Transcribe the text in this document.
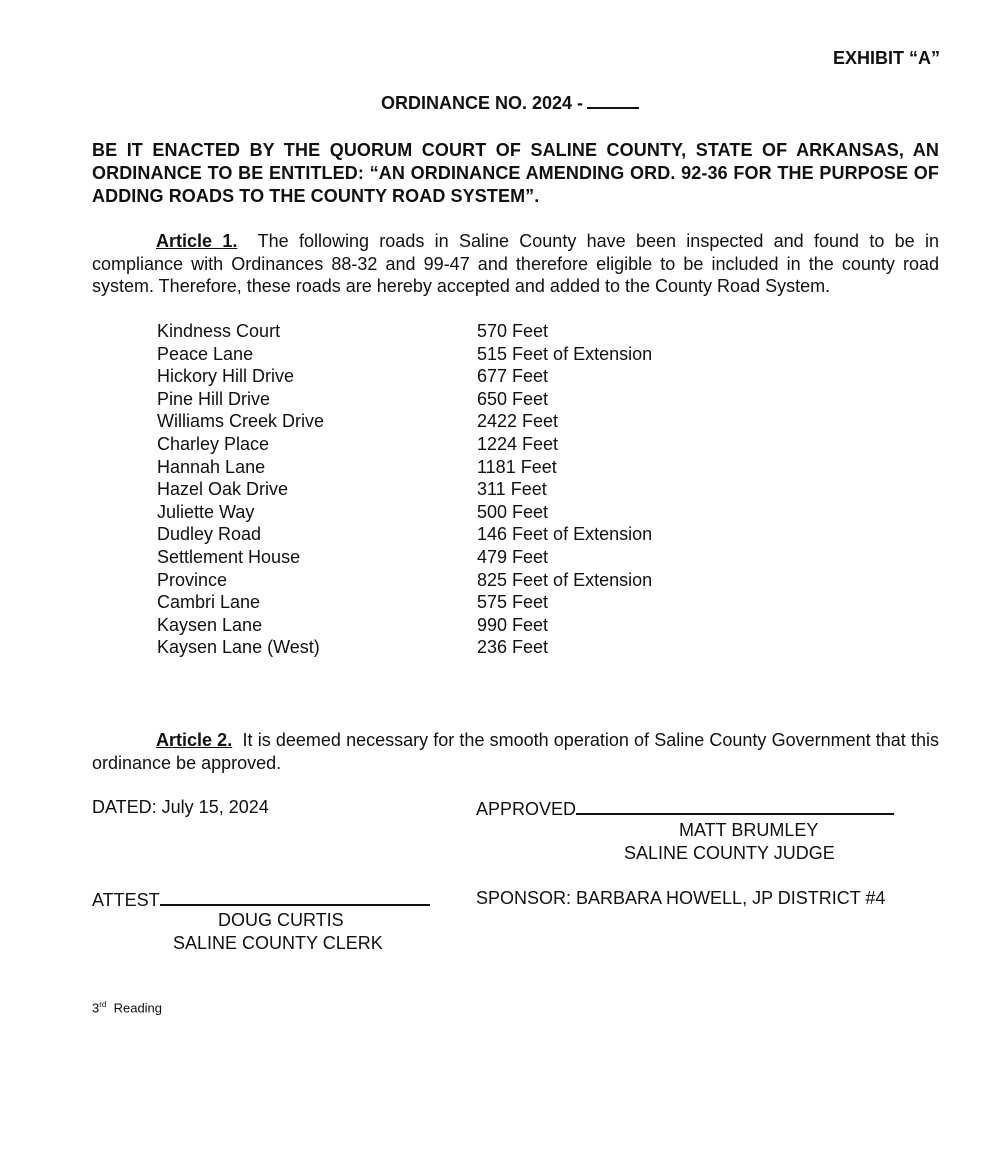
EXHIBIT “A”
ORDINANCE NO. 2024 -
BE IT ENACTED BY THE QUORUM COURT OF SALINE COUNTY, STATE OF ARKANSAS, AN ORDINANCE TO BE ENTITLED: “AN ORDINANCE AMENDING ORD. 92-36 FOR THE PURPOSE OF ADDING ROADS TO THE COUNTY ROAD SYSTEM”.
Article 1. The following roads in Saline County have been inspected and found to be in compliance with Ordinances 88-32 and 99-47 and therefore eligible to be included in the county road system. Therefore, these roads are hereby accepted and added to the County Road System.
Kindness Court	570 Feet
Peace Lane	515 Feet of Extension
Hickory Hill Drive	677 Feet
Pine Hill Drive	650 Feet
Williams Creek Drive	2422 Feet
Charley Place	1224 Feet
Hannah Lane	1181 Feet
Hazel Oak Drive	311 Feet
Juliette Way	500 Feet
Dudley Road	146 Feet of Extension
Settlement House	479 Feet
Province	825 Feet of Extension
Cambri Lane	575 Feet
Kaysen Lane	990 Feet
Kaysen Lane (West)	236 Feet
Article 2. It is deemed necessary for the smooth operation of Saline County Government that this ordinance be approved.
DATED: July 15, 2024	APPROVED
MATT BRUMLEY
SALINE COUNTY JUDGE
ATTEST	SPONSOR: BARBARA HOWELL, JP DISTRICT #4
DOUG CURTIS
SALINE COUNTY CLERK
3rd Reading
